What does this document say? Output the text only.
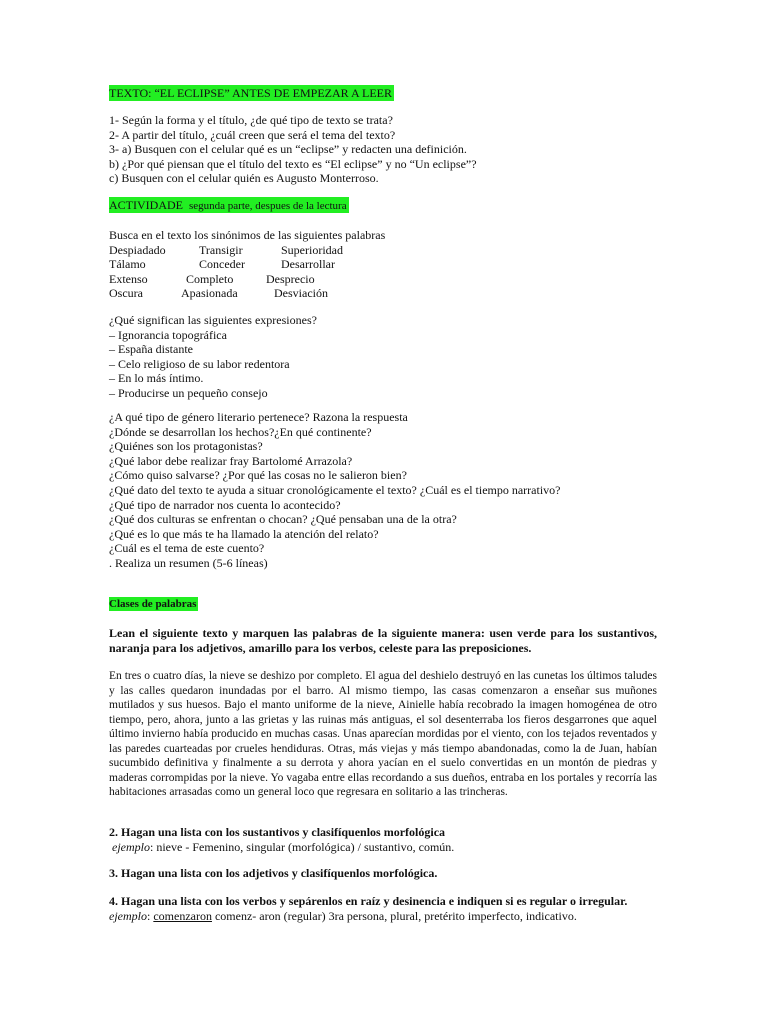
TEXTO: “EL ECLIPSE” ANTES DE EMPEZAR A LEER

1- Según la forma y el título, ¿de qué tipo de texto se trata?
2- A partir del título, ¿cuál creen que será el tema del texto?
3- a) Busquen con el celular qué es un “eclipse” y redacten una definición.
b) ¿Por qué piensan que el título del texto es “El eclipse” y no “Un eclipse”?
c) Busquen con el celular quién es Augusto Monterroso.

ACTIVIDADE segunda parte, despues de la lectura

Busca en el texto los sinónimos de las siguientes palabras
Despiadado	Transigir	Superioridad
Tálamo	Conceder	Desarrollar
Extenso	Completo	Desprecio
Oscura	Apasionada	Desviación
¿Qué significan las siguientes expresiones?
– Ignorancia topográfica
– España distante
– Celo religioso de su labor redentora
– En lo más íntimo.
– Producirse un pequeño consejo
¿A qué tipo de género literario pertenece? Razona la respuesta
¿Dónde se desarrollan los hechos?¿En qué continente?
¿Quiénes son los protagonistas?
¿Qué labor debe realizar fray Bartolomé Arrazola?
¿Cómo quiso salvarse? ¿Por qué las cosas no le salieron bien?
¿Qué dato del texto te ayuda a situar cronológicamente el texto? ¿Cuál es el tiempo narrativo?
¿Qué tipo de narrador nos cuenta lo acontecido?
¿Qué dos culturas se enfrentan o chocan? ¿Qué pensaban una de la otra?
¿Qué es lo que más te ha llamado la atención del relato?
¿Cuál es el tema de este cuento?
. Realiza un resumen (5-6 líneas)

Clases de palabras

Lean el siguiente texto y marquen las palabras de la siguiente manera: usen verde para los sustantivos, naranja para los adjetivos, amarillo para los verbos, celeste para las preposiciones.

En tres o cuatro días, la nieve se deshizo por completo. El agua del deshielo destruyó en las cunetas los últimos taludes y las calles quedaron inundadas por el barro. Al mismo tiempo, las casas comenzaron a enseñar sus muñones mutilados y sus huesos. Bajo el manto uniforme de la nieve, Ainielle había recobrado la imagen homogénea de otro tiempo, pero, ahora, junto a las grietas y las ruinas más antiguas, el sol desenterraba los fieros desgarrones que aquel último invierno había producido en muchas casas. Unas aparecían mordidas por el viento, con los tejados reventados y las paredes cuarteadas por crueles hendiduras. Otras, más viejas y más tiempo abandonadas, como la de Juan, habían sucumbido definitiva y finalmente a su derrota y ahora yacían en el suelo convertidas en un montón de piedras y maderas corrompidas por la nieve. Yo vagaba entre ellas recordando a sus dueños, entraba en los portales y recorría las habitaciones arrasadas como un general loco que regresara en solitario a las trincheras.

2. Hagan una lista con los sustantivos y clasifíquenlos morfológica
ejemplo: nieve - Femenino, singular (morfológica) / sustantivo, común.

3. Hagan una lista con los adjetivos y clasifíquenlos morfológica.

4. Hagan una lista con los verbos y sepárenlos en raíz y desinencia e indiquen si es regular o irregular.
ejemplo: comenzaron comenz- aron (regular) 3ra persona, plural, pretérito imperfecto, indicativo.
